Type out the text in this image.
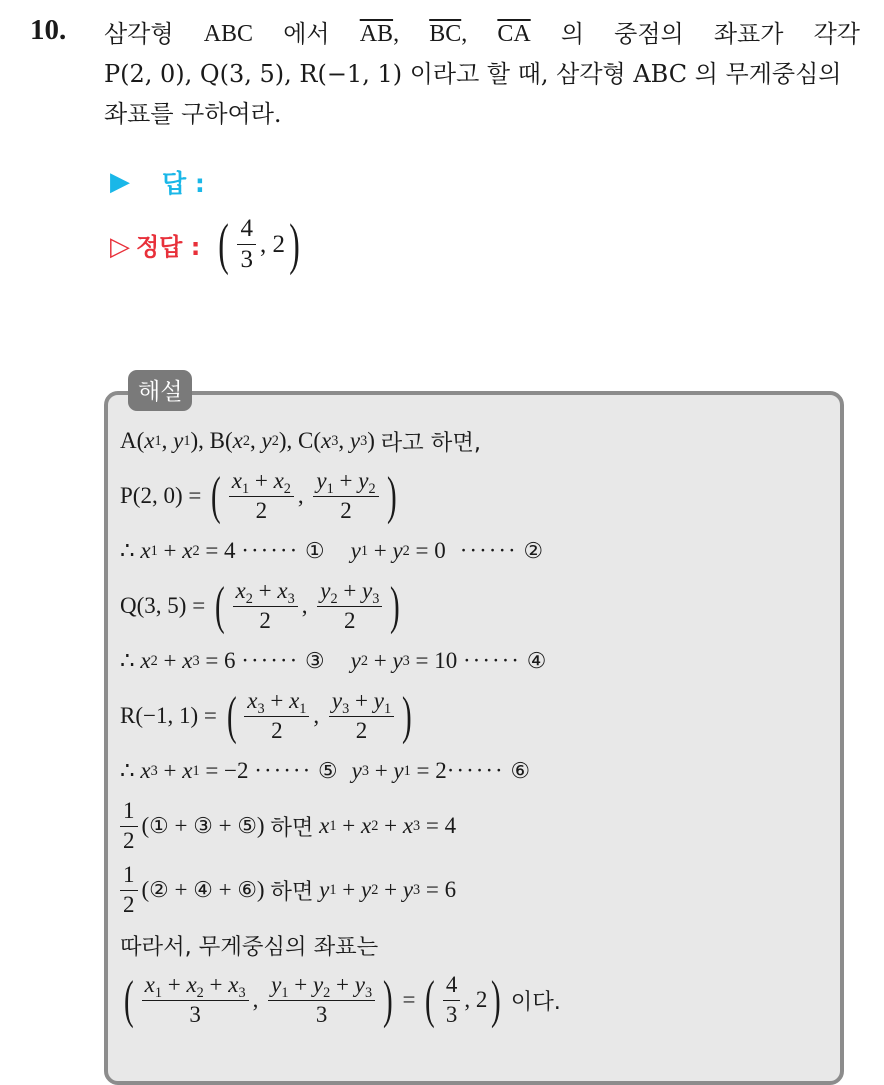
10. 삼각형 ABC 에서 $\overline{AB}$, $\overline{BC}$, $\overline{CA}$ 의 중점의 좌표가 각각
P(2, 0), Q(3, 5), R(−1, 1) 이라고 할 때, 삼각형 ABC 의 무게중심의
좌표를 구하여라.
▶ 답 :
▷ 정답 : ( $\frac{4}{3}$ , 2 )
해설
A( x 1 , y 1 ), B( x 2 , y 2 ), C( x 3 , y 3 ) 라고 하면,
P(2, 0) = ( $\frac{x_1 + x_2}{2}$ , $\frac{y_1 + y_2}{2}$ )
∴
x 1 + x 2 = 4
······
① y 1 + y 2 = 0 ······
②
Q(3, 5) = ( $\frac{x_2 + x_3}{2}$ , $\frac{y_2 + y_3}{2}$ )
∴
x 2 + x 3 = 6
······
③ y 2 + y 3 = 10
······
④
R(−1, 1) = ( $\frac{x_3 + x_1}{2}$ , $\frac{y_3 + y_1}{2}$ )
∴
x 3 + x 1 = −2
······
⑤ y 3 + y 1 = 2 ······
⑥
$\frac{1}{2}$ ( ① + ③ + ⑤ ) 하면
x 1 + x 2 + x 3 = 4
$\frac{1}{2}$ ( ② + ④ + ⑥ ) 하면
y 1 + y 2 + y 3 = 6
따라서, 무게중심의 좌표는
( $\frac{x_1 + x_2 + x_3}{3}$ , $\frac{y_1 + y_2 + y_3}{3}$ ) = ( $\frac{4}{3}$ , 2 )
이다.
